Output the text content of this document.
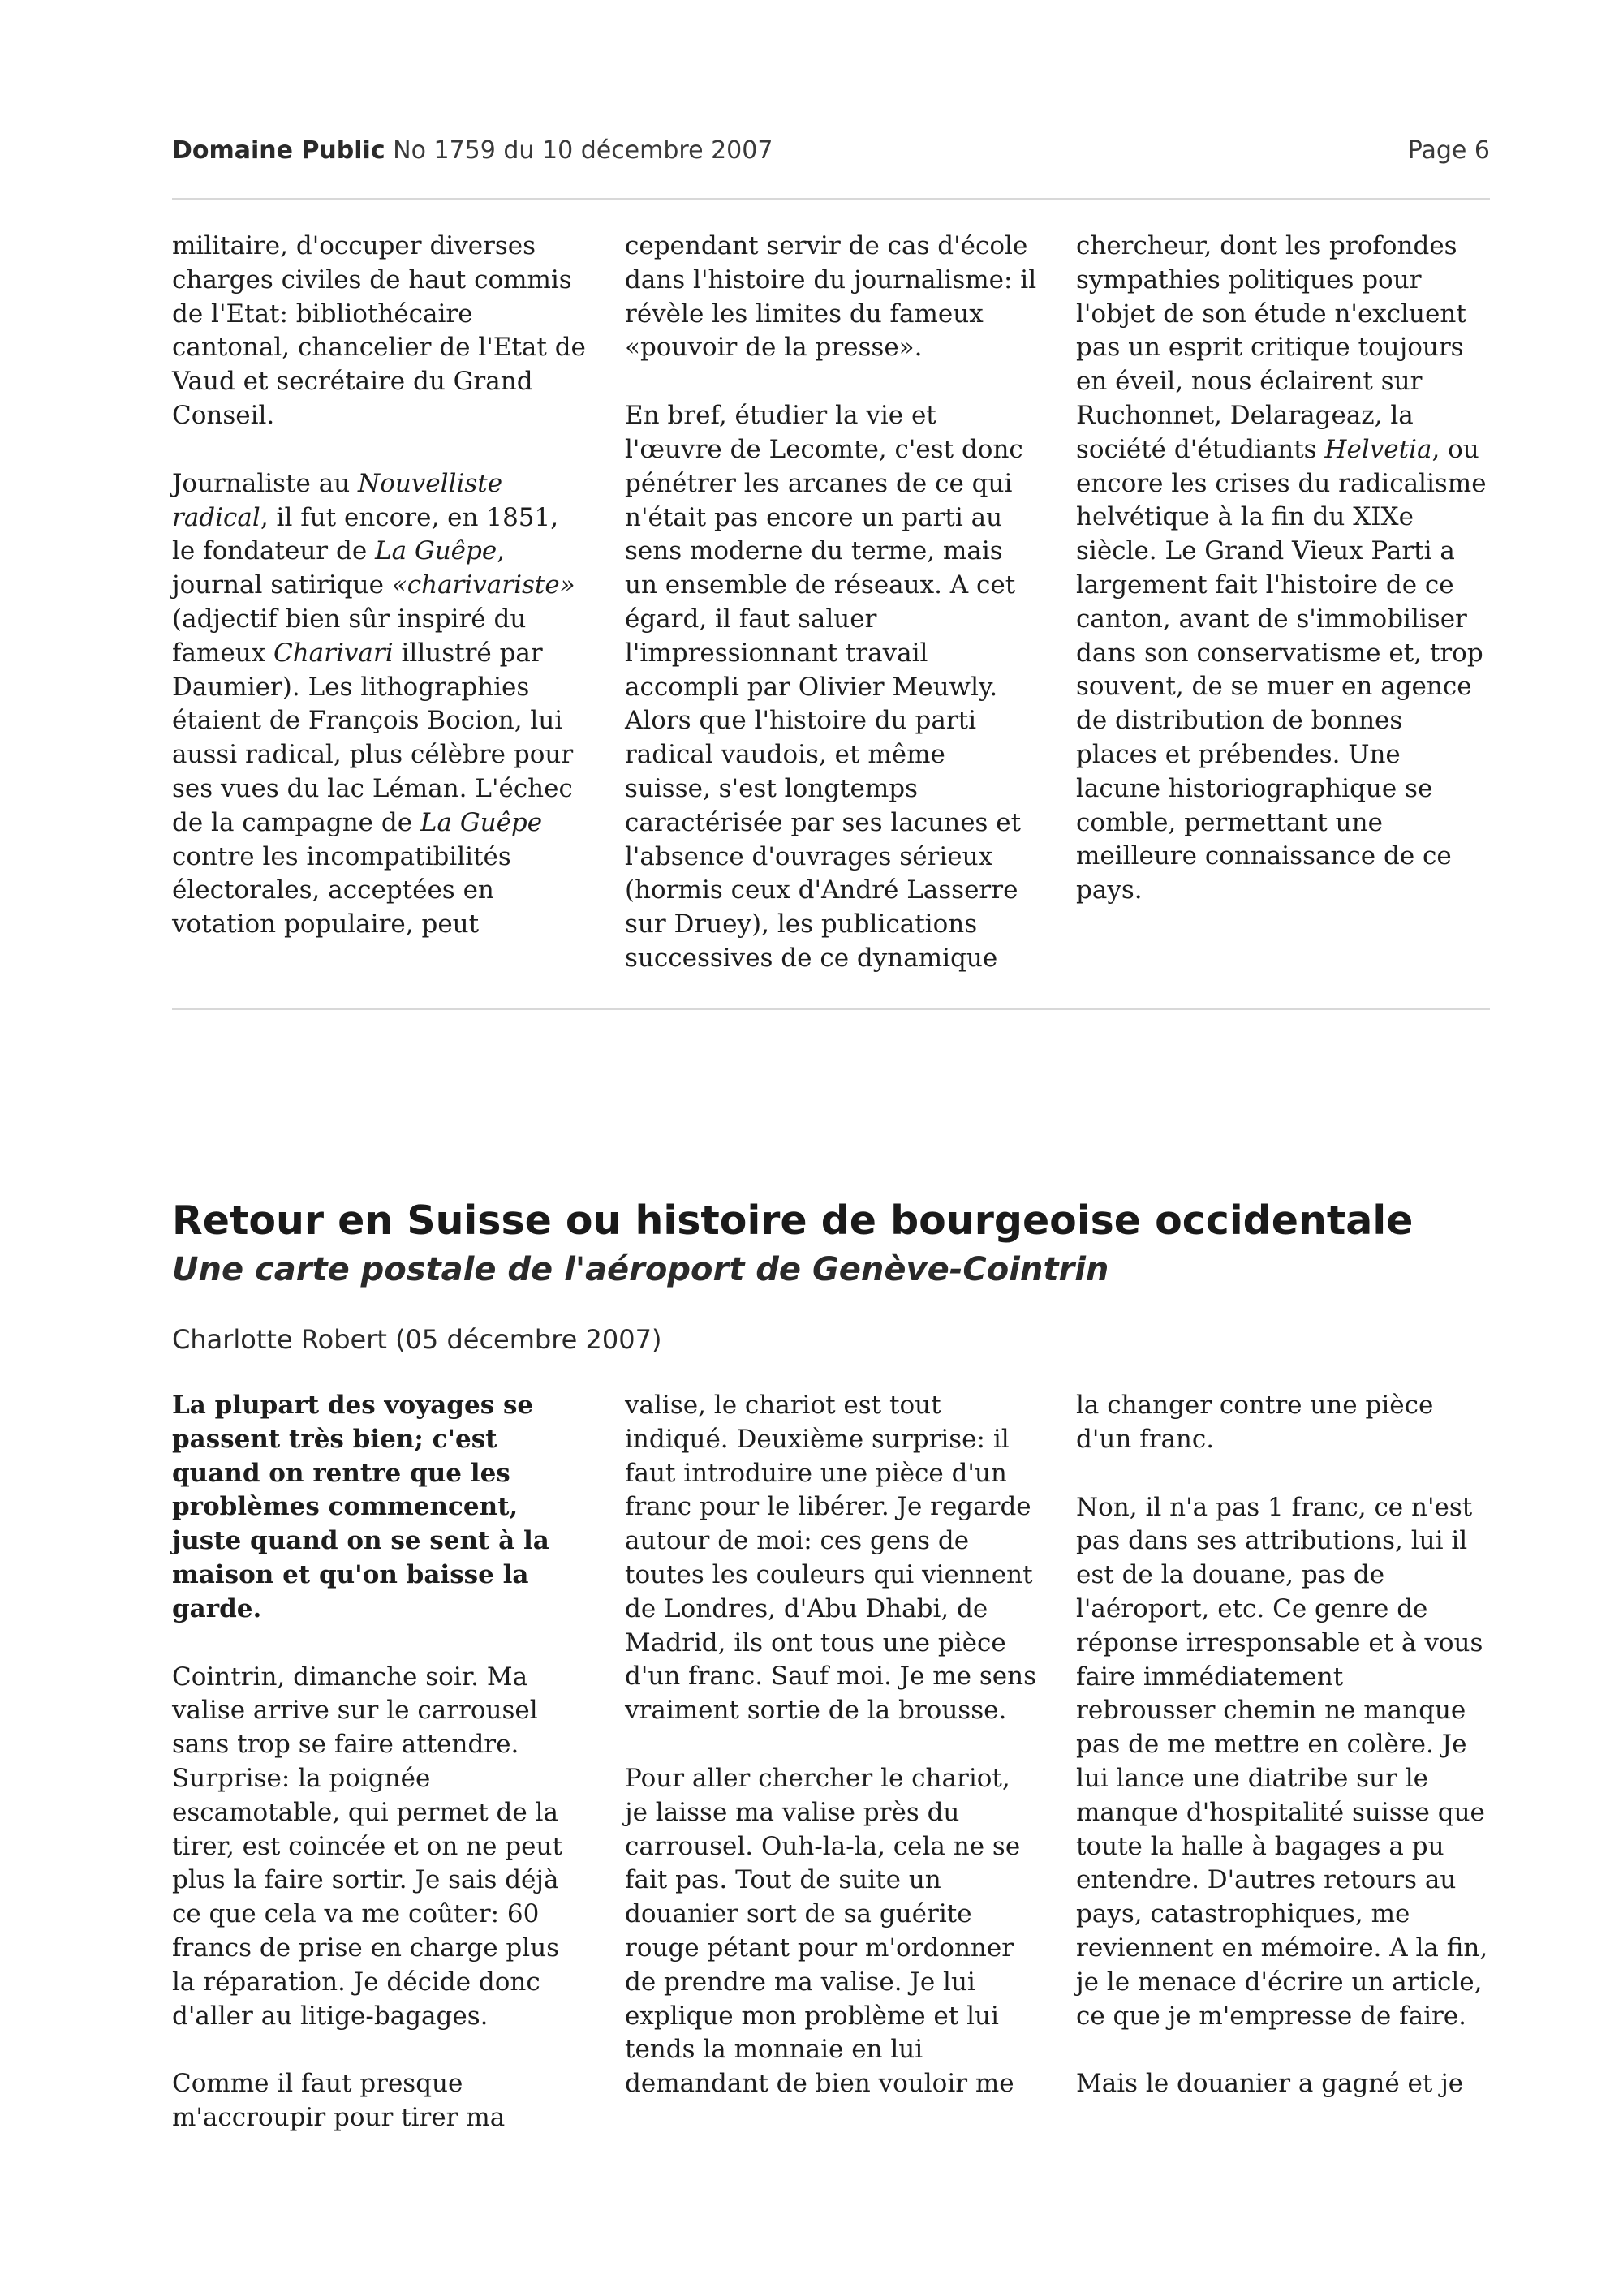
Domaine Public No 1759 du 10 décembre 2007	Page 6

militaire, d'occuper diverses charges civiles de haut commis de l'Etat: bibliothécaire cantonal, chancelier de l'Etat de Vaud et secrétaire du Grand Conseil.

Journaliste au Nouvelliste radical, il fut encore, en 1851, le fondateur de La Guêpe, journal satirique «charivariste» (adjectif bien sûr inspiré du fameux Charivari illustré par Daumier). Les lithographies étaient de François Bocion, lui aussi radical, plus célèbre pour ses vues du lac Léman. L'échec de la campagne de La Guêpe contre les incompatibilités électorales, acceptées en votation populaire, peut

cependant servir de cas d'école dans l'histoire du journalisme: il révèle les limites du fameux «pouvoir de la presse».

En bref, étudier la vie et l'œuvre de Lecomte, c'est donc pénétrer les arcanes de ce qui n'était pas encore un parti au sens moderne du terme, mais un ensemble de réseaux. A cet égard, il faut saluer l'impressionnant travail accompli par Olivier Meuwly. Alors que l'histoire du parti radical vaudois, et même suisse, s'est longtemps caractérisée par ses lacunes et l'absence d'ouvrages sérieux (hormis ceux d'André Lasserre sur Druey), les publications successives de ce dynamique

chercheur, dont les profondes sympathies politiques pour l'objet de son étude n'excluent pas un esprit critique toujours en éveil, nous éclairent sur Ruchonnet, Delarageaz, la société d'étudiants Helvetia, ou encore les crises du radicalisme helvétique à la fin du XIXe siècle. Le Grand Vieux Parti a largement fait l'histoire de ce canton, avant de s'immobiliser dans son conservatisme et, trop souvent, de se muer en agence de distribution de bonnes places et prébendes. Une lacune historiographique se comble, permettant une meilleure connaissance de ce pays.

Retour en Suisse ou histoire de bourgeoise occidentale
Une carte postale de l'aéroport de Genève-Cointrin
Charlotte Robert (05 décembre 2007)

La plupart des voyages se passent très bien; c'est quand on rentre que les problèmes commencent, juste quand on se sent à la maison et qu'on baisse la garde.

Cointrin, dimanche soir. Ma valise arrive sur le carrousel sans trop se faire attendre. Surprise: la poignée escamotable, qui permet de la tirer, est coincée et on ne peut plus la faire sortir. Je sais déjà ce que cela va me coûter: 60 francs de prise en charge plus la réparation. Je décide donc d'aller au litige-bagages.

Comme il faut presque m'accroupir pour tirer ma

valise, le chariot est tout indiqué. Deuxième surprise: il faut introduire une pièce d'un franc pour le libérer. Je regarde autour de moi: ces gens de toutes les couleurs qui viennent de Londres, d'Abu Dhabi, de Madrid, ils ont tous une pièce d'un franc. Sauf moi. Je me sens vraiment sortie de la brousse.

Pour aller chercher le chariot, je laisse ma valise près du carrousel. Ouh-la-la, cela ne se fait pas. Tout de suite un douanier sort de sa guérite rouge pétant pour m'ordonner de prendre ma valise. Je lui explique mon problème et lui tends la monnaie en lui demandant de bien vouloir me

la changer contre une pièce d'un franc.

Non, il n'a pas 1 franc, ce n'est pas dans ses attributions, lui il est de la douane, pas de l'aéroport, etc. Ce genre de réponse irresponsable et à vous faire immédiatement rebrousser chemin ne manque pas de me mettre en colère. Je lui lance une diatribe sur le manque d'hospitalité suisse que toute la halle à bagages a pu entendre. D'autres retours au pays, catastrophiques, me reviennent en mémoire. A la fin, je le menace d'écrire un article, ce que je m'empresse de faire.

Mais le douanier a gagné et je
